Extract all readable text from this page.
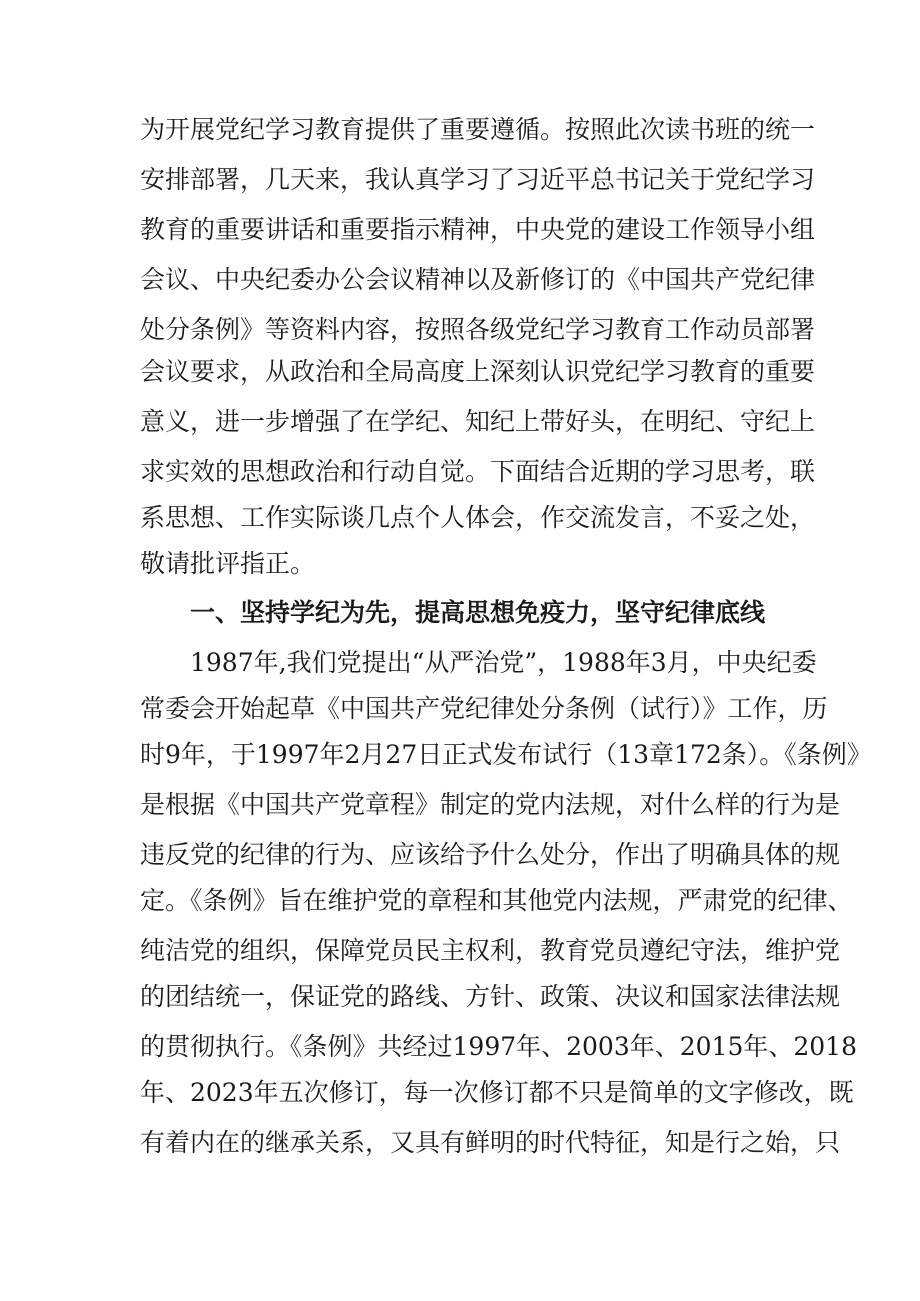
为开展党纪学习教育提供了重要遵循。按照此次读书班的统一

安排部署，几天来，我认真学习了习近平总书记关于党纪学习

教育的重要讲话和重要指示精神，中央党的建设工作领导小组

会议、中央纪委办公会议精神以及新修订的《中国共产党纪律

处分条例》等资料内容，按照各级党纪学习教育工作动员部署

会议要求，从政治和全局高度上深刻认识党纪学习教育的重要

意义，进一步增强了在学纪、知纪上带好头，在明纪、守纪上

求实效的思想政治和行动自觉。下面结合近期的学习思考，联

系思想、工作实际谈几点个人体会，作交流发言，不妥之处，

敬请批评指正。

一、坚持学纪为先，提高思想免疫力，坚守纪律底线

1987年,我们党提出“从严治党”，1988年3月，中央纪委

常委会开始起草《中国共产党纪律处分条例（试行）》工作，历

时9年，于1997年2月27日正式发布试行（13章172条）。《条例》

是根据《中国共产党章程》制定的党内法规，对什么样的行为是

违反党的纪律的行为、应该给予什么处分，作出了明确具体的规

定。《条例》旨在维护党的章程和其他党内法规，严肃党的纪律、

纯洁党的组织，保障党员民主权利，教育党员遵纪守法，维护党

的团结统一，保证党的路线、方针、政策、决议和国家法律法规

的贯彻执行。《条例》共经过1997年、2003年、2015年、2018

年、2023年五次修订，每一次修订都不只是简单的文字修改，既

有着内在的继承关系，又具有鲜明的时代特征，知是行之始，只
